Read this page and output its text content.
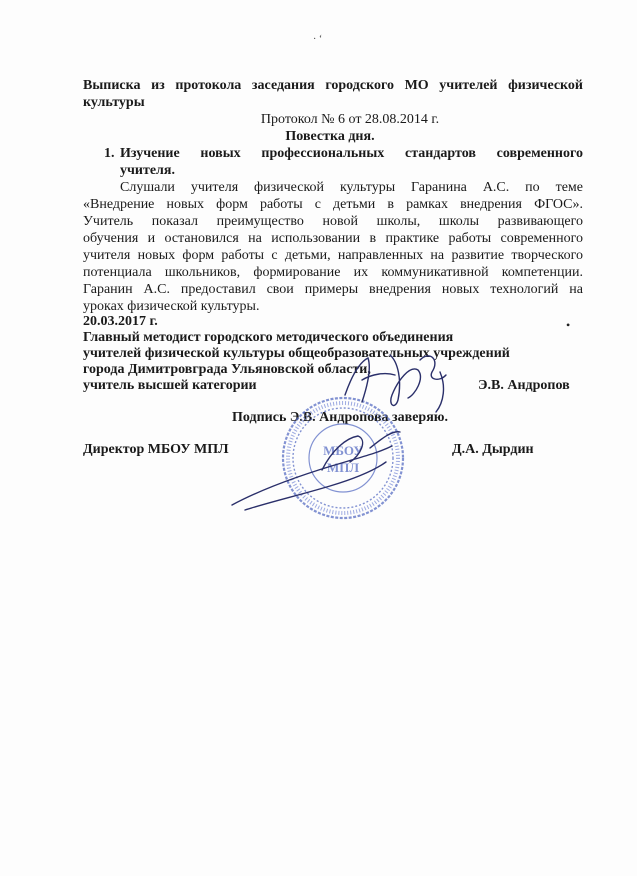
· ‘
Выписка из протокола заседания городского МО учителей физической
культуры
Протокол № 6 от 28.08.2014 г.
Повестка дня.
1. Изучение новых профессиональных стандартов современного
учителя.
Слушали учителя физической культуры Гаранина А.С. по теме
«Внедрение новых форм работы с детьми в рамках внедрения ФГОС».
Учитель показал преимущество новой школы, школы развивающего
обучения и остановился на использовании в практике работы современного
учителя новых форм работы с детьми, направленных на развитие творческого
потенциала школьников, формирование их коммуникативной компетенции.
Гаранин А.С. предоставил свои примеры внедрения новых технологий на
уроках физической культуры.
20.03.2017 г.
Главный методист городского методического объединения
учителей физической культуры общеобразовательных учреждений
города Димитровграда Ульяновской области,
учитель высшей категории	Э.В. Андропов
•
Подпись Э.В. Андропова заверяю.
Директор МБОУ МПЛ	Д.А. Дырдин
МБОУ
МПЛ
